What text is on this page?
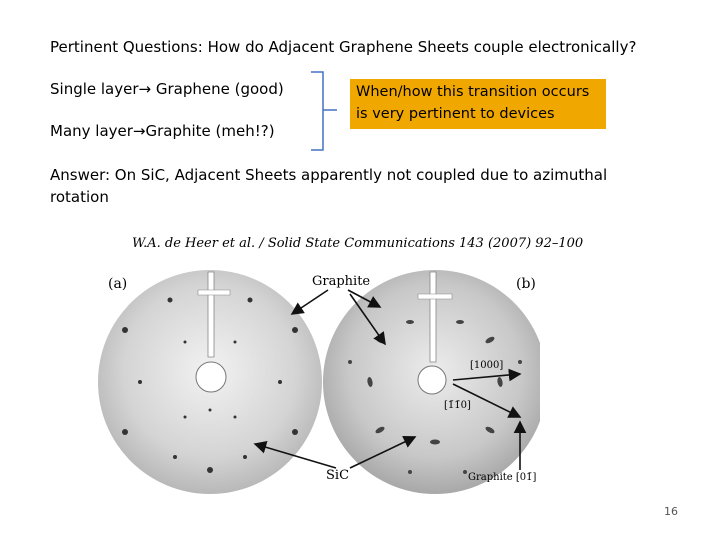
Pertinent Questions: How do Adjacent Graphene Sheets couple electronically?
Single layer→ Graphene (good)
Many layer→Graphite (meh!?)
When/how this transition occurs
is very pertinent to devices
Answer: On SiC, Adjacent Sheets apparently not coupled due to azimuthal
rotation
W.A. de Heer et al. / Solid State Communications 143 (2007) 92–100
(a)	(b)
Graphite
SiC
[1000]
[1̄1̄0]
Graphite [01̄]
16
